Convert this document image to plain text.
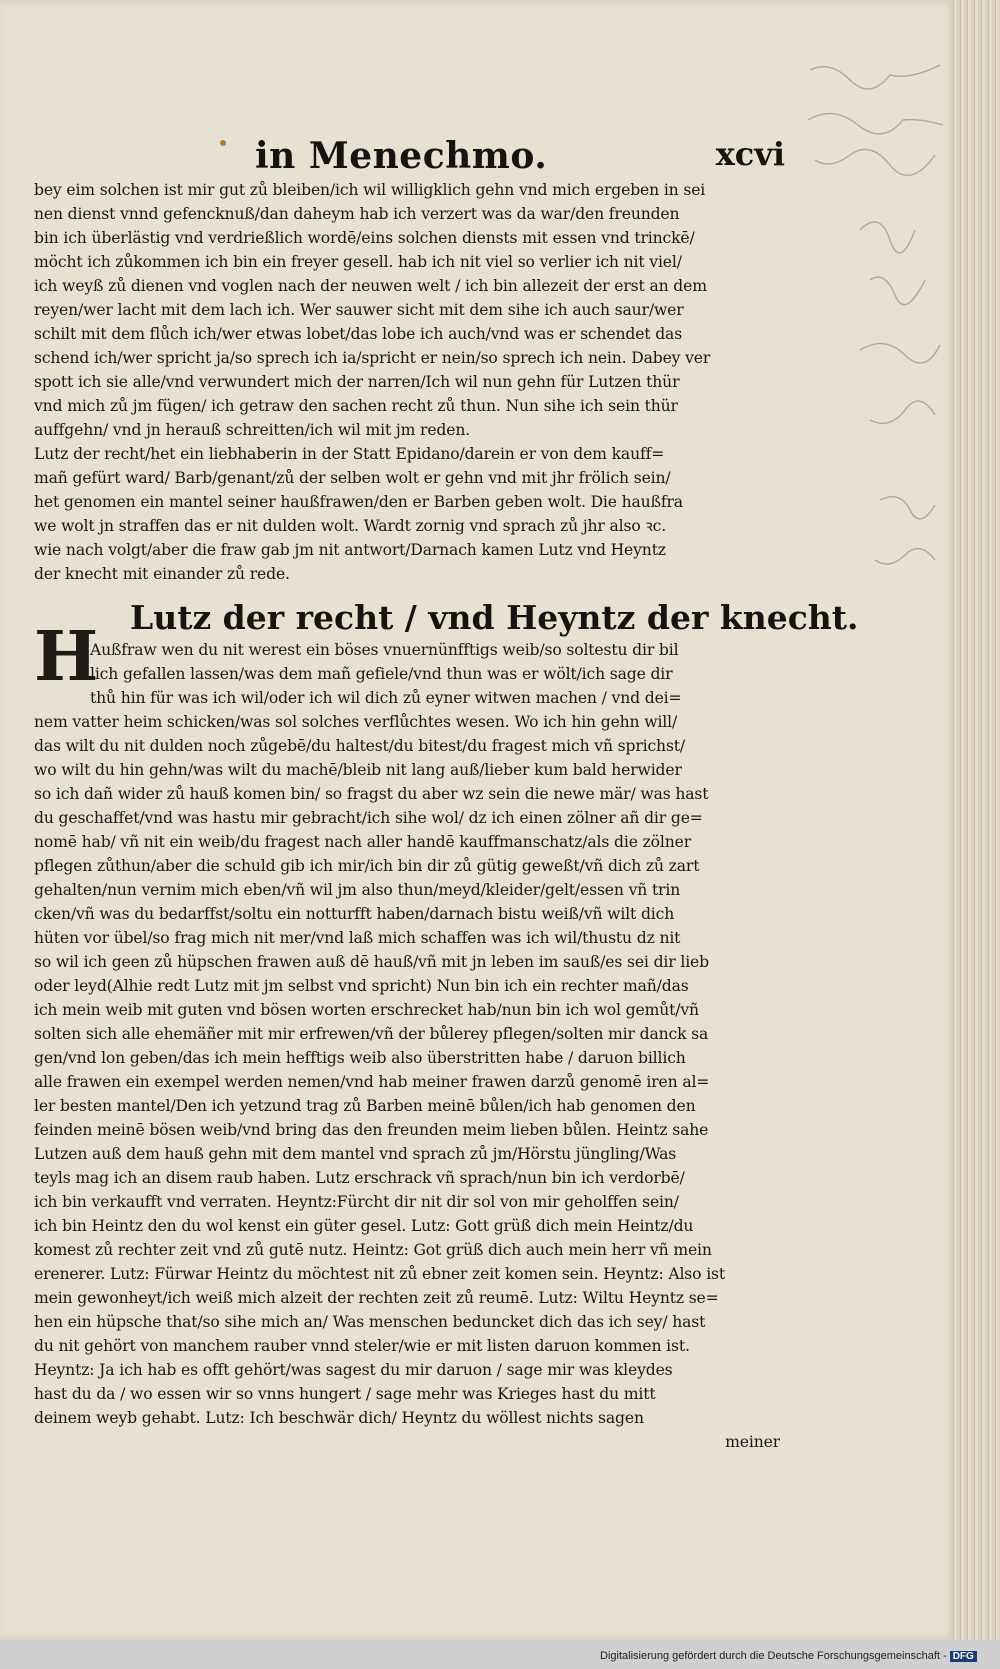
in Menechmo.	xcvi
bey eim solchen ist mir gut zů bleiben/ich wil willigklich gehn vnd mich ergeben in sei
nen dienst vnnd gefencknuß/dan daheym hab ich verzert was da war/den freunden
bin ich überlästig vnd verdrießlich wordē/eins solchen diensts mit essen vnd trinckē/
möcht ich zůkommen ich bin ein freyer gesell. hab ich nit viel so verlier ich nit viel/
ich weyß zů dienen vnd voglen nach der neuwen welt / ich bin allezeit der erst an dem
reyen/wer lacht mit dem lach ich. Wer sauwer sicht mit dem sihe ich auch saur/wer
schilt mit dem flůch ich/wer etwas lobet/das lobe ich auch/vnd was er schendet das
schend ich/wer spricht ja/so sprech ich ia/spricht er nein/so sprech ich nein. Dabey ver
spott ich sie alle/vnd verwundert mich der narren/Ich wil nun gehn für Lutzen thür
vnd mich zů jm fügen/ ich getraw den sachen recht zů thun. Nun sihe ich sein thür
auffgehn/ vnd jn herauß schreitten/ich wil mit jm reden.
Lutz der recht/het ein liebhaberin in der Statt Epidano/darein er von dem kauff=
mañ gefürt ward/ Barb/genant/zů der selben wolt er gehn vnd mit jhr frölich sein/
het genomen ein mantel seiner haußfrawen/den er Barben geben wolt. Die haußfra
we wolt jn straffen das er nit dulden wolt. Wardt zornig vnd sprach zů jhr also ꝛc.
wie nach volgt/aber die fraw gab jm nit antwort/Darnach kamen Lutz vnd Heyntz
der knecht mit einander zů rede.
Lutz der recht / vnd Heyntz der knecht.
H
Außfraw wen du nit werest ein böses vnuernünfftigs weib/so soltestu dir bil
lich gefallen lassen/was dem mañ gefiele/vnd thun was er wölt/ich sage dir
thů hin für was ich wil/oder ich wil dich zů eyner witwen machen / vnd dei=
nem vatter heim schicken/was sol solches verflůchtes wesen. Wo ich hin gehn will/
das wilt du nit dulden noch zůgebē/du haltest/du bitest/du fragest mich vñ sprichst/
wo wilt du hin gehn/was wilt du machē/bleib nit lang auß/lieber kum bald herwider
so ich dañ wider zů hauß komen bin/ so fragst du aber wz sein die newe mär/ was hast
du geschaffet/vnd was hastu mir gebracht/ich sihe wol/ dz ich einen zölner añ dir ge=
nomē hab/ vñ nit ein weib/du fragest nach aller handē kauffmanschatz/als die zölner
pflegen zůthun/aber die schuld gib ich mir/ich bin dir zů gütig geweßt/vñ dich zů zart
gehalten/nun vernim mich eben/vñ wil jm also thun/meyd/kleider/gelt/essen vñ trin
cken/vñ was du bedarffst/soltu ein notturfft haben/darnach bistu weiß/vñ wilt dich
hüten vor übel/so frag mich nit mer/vnd laß mich schaffen was ich wil/thustu dz nit
so wil ich geen zů hüpschen frawen auß dē hauß/vñ mit jn leben im sauß/es sei dir lieb
oder leyd(Alhie redt Lutz mit jm selbst vnd spricht) Nun bin ich ein rechter mañ/das
ich mein weib mit guten vnd bösen worten erschrecket hab/nun bin ich wol gemůt/vñ
solten sich alle ehemäñer mit mir erfrewen/vñ der bůlerey pflegen/solten mir danck sa
gen/vnd lon geben/das ich mein hefftigs weib also überstritten habe / daruon billich
alle frawen ein exempel werden nemen/vnd hab meiner frawen darzů genomē iren al=
ler besten mantel/Den ich yetzund trag zů Barben meinē bůlen/ich hab genomen den
feinden meinē bösen weib/vnd bring das den freunden meim lieben bůlen. Heintz sahe
Lutzen auß dem hauß gehn mit dem mantel vnd sprach zů jm/Hörstu jüngling/Was
teyls mag ich an disem raub haben. Lutz erschrack vñ sprach/nun bin ich verdorbē/
ich bin verkaufft vnd verraten. Heyntz:Fürcht dir nit dir sol von mir geholffen sein/
ich bin Heintz den du wol kenst ein güter gesel. Lutz: Gott grüß dich mein Heintz/du
komest zů rechter zeit vnd zů gutē nutz. Heintz: Got grüß dich auch mein herr vñ mein
erenerer. Lutz: Fürwar Heintz du möchtest nit zů ebner zeit komen sein. Heyntz: Also ist
mein gewonheyt/ich weiß mich alzeit der rechten zeit zů reumē. Lutz: Wiltu Heyntz se=
hen ein hüpsche that/so sihe mich an/ Was menschen beduncket dich das ich sey/ hast
du nit gehört von manchem rauber vnnd steler/wie er mit listen daruon kommen ist.
Heyntz: Ja ich hab es offt gehört/was sagest du mir daruon / sage mir was kleydes
hast du da / wo essen wir so vnns hungert / sage mehr was Krieges hast du mitt
deinem weyb gehabt. Lutz: Ich beschwär dich/ Heyntz du wöllest nichts sagen
meiner
Digitalisierung gefördert durch die Deutsche Forschungsgemeinschaft - DFG
